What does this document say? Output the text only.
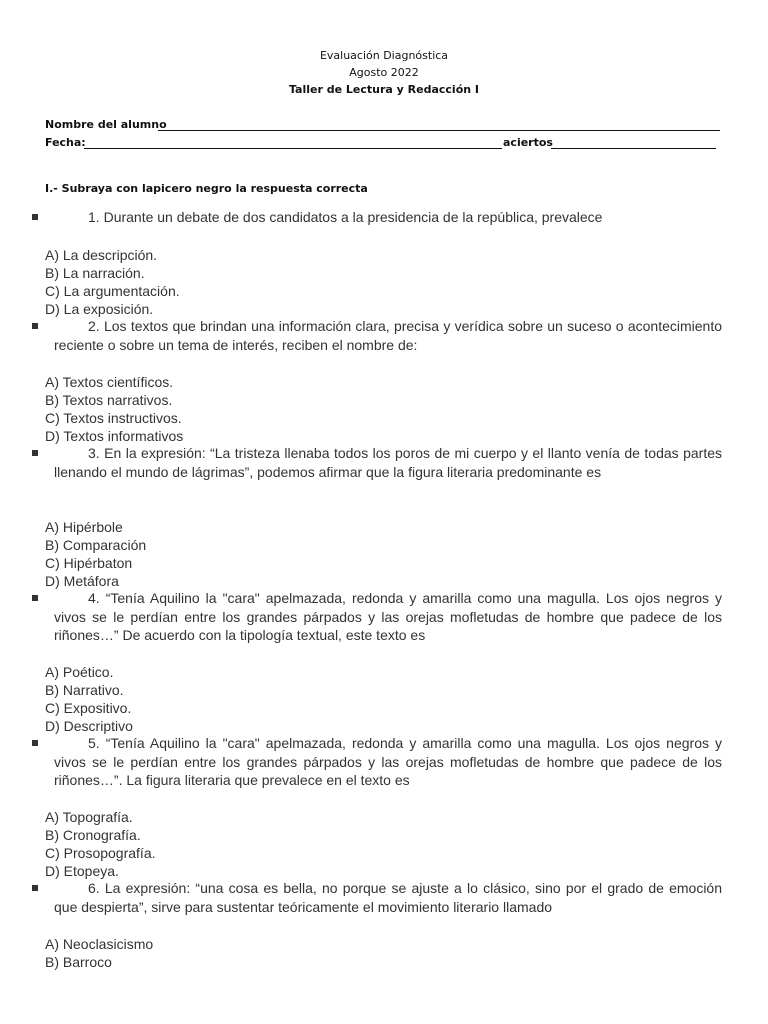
Evaluación Diagnóstica
Agosto 2022
Taller de Lectura y Redacción I
Nombre del alumno
Fecha:	aciertos
I.- Subraya con lapicero negro la respuesta correcta
1. Durante un debate de dos candidatos a la presidencia de la república, prevalece
A) La descripción.
B) La narración.
C) La argumentación.
D) La exposición.
2. Los textos que brindan una información clara, precisa y verídica sobre un suceso o acontecimiento reciente o sobre un tema de interés, reciben el nombre de:
A) Textos científicos.
B) Textos narrativos.
C) Textos instructivos.
D) Textos informativos
3. En la expresión: “La tristeza llenaba todos los poros de mi cuerpo y el llanto venía de todas partes llenando el mundo de lágrimas”, podemos afirmar que la figura literaria predominante es
A) Hipérbole
B) Comparación
C) Hipérbaton
D) Metáfora
4. “Tenía Aquilino la "cara" apelmazada, redonda y amarilla como una magulla. Los ojos negros y vivos se le perdían entre los grandes párpados y las orejas mofletudas de hombre que padece de los riñones…” De acuerdo con la tipología textual, este texto es
A) Poético.
B) Narrativo.
C) Expositivo.
D) Descriptivo
5. “Tenía Aquilino la "cara" apelmazada, redonda y amarilla como una magulla. Los ojos negros y vivos se le perdían entre los grandes párpados y las orejas mofletudas de hombre que padece de los riñones…”. La figura literaria que prevalece en el texto es
A) Topografía.
B) Cronografía.
C) Prosopografía.
D) Etopeya.
6. La expresión: “una cosa es bella, no porque se ajuste a lo clásico, sino por el grado de emoción que despierta”, sirve para sustentar teóricamente el movimiento literario llamado
A) Neoclasicismo
B) Barroco
